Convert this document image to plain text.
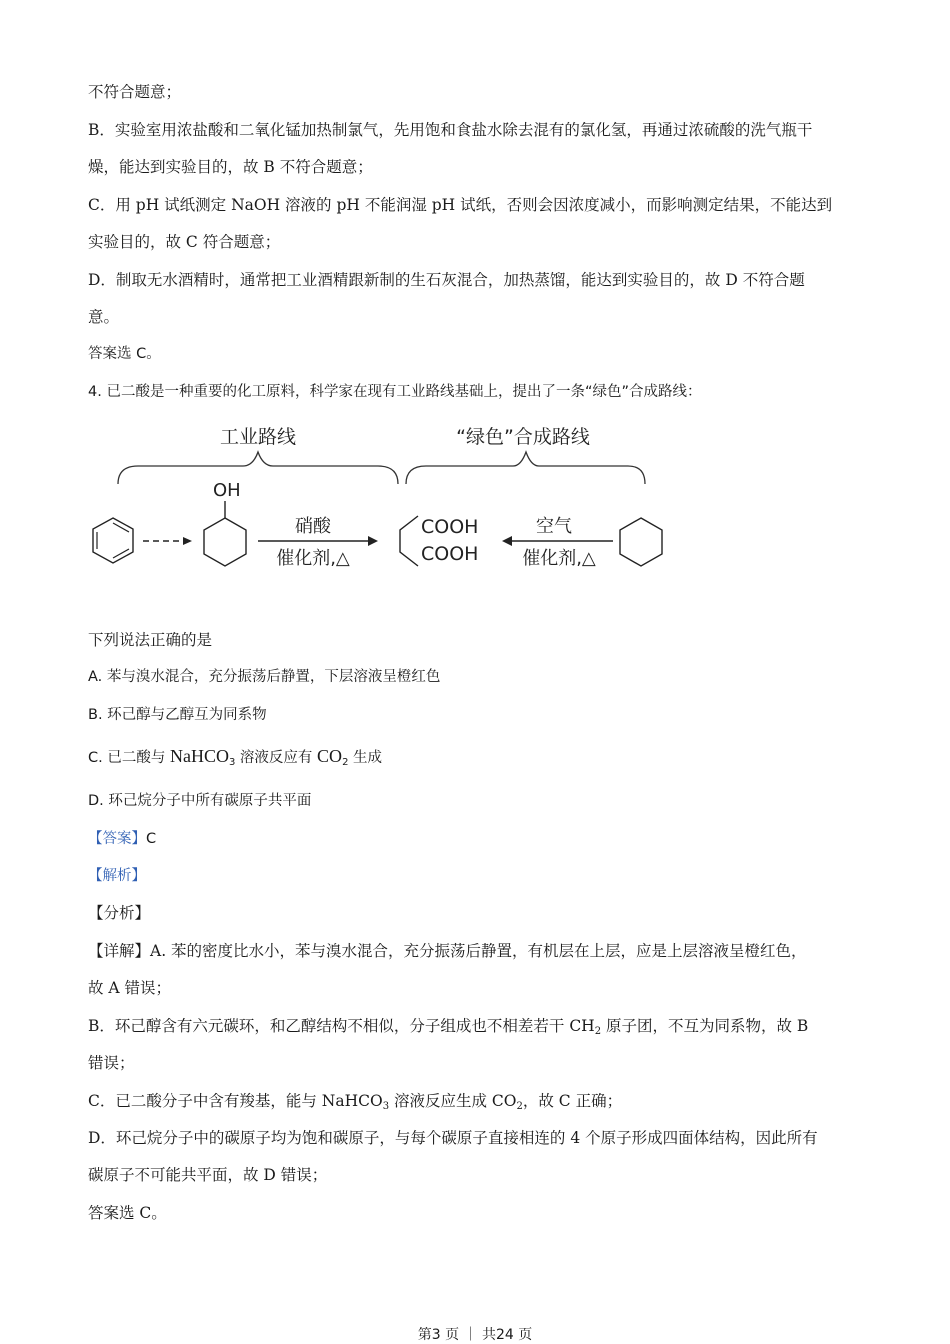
不符合题意；
B．实验室用浓盐酸和二氧化锰加热制氯气，先用饱和食盐水除去混有的氯化氢，再通过浓硫酸的洗气瓶干
燥，能达到实验目的，故 B 不符合题意；
C．用 pH 试纸测定 NaOH 溶液的 pH 不能润湿 pH 试纸，否则会因浓度减小，而影响测定结果，不能达到
实验目的，故 C 符合题意；
D．制取无水酒精时，通常把工业酒精跟新制的生石灰混合，加热蒸馏，能达到实验目的，故 D 不符合题
意。
答案选 C。
4. 已二酸是一种重要的化工原料，科学家在现有工业路线基础上，提出了一条“绿色”合成路线：
工业路线	“绿色”合成路线
OH
硝酸
催化剂,△
COOH
COOH
空气
催化剂,△
下列说法正确的是
A. 苯与溴水混合，充分振荡后静置，下层溶液呈橙红色
B. 环己醇与乙醇互为同系物
C. 已二酸与 NaHCO$_3$ 溶液反应有 $CO_2$ 生成
D. 环己烷分子中所有碳原子共平面
【答案】C
【解析】
【分析】
【详解】A. 苯的密度比水小，苯与溴水混合，充分振荡后静置，有机层在上层，应是上层溶液呈橙红色，
故 A 错误；
B．环己醇含有六元碳环，和乙醇结构不相似，分子组成也不相差若干 $CH_2$ 原子团，不互为同系物，故 B
错误；
C．已二酸分子中含有羧基，能与 NaHCO$_3$ 溶液反应生成 $CO_2$，故 C 正确；
D．环己烷分子中的碳原子均为饱和碳原子，与每个碳原子直接相连的 4 个原子形成四面体结构，因此所有
碳原子不可能共平面，故 D 错误；
答案选 C。
第3 页 ｜ 共24 页
